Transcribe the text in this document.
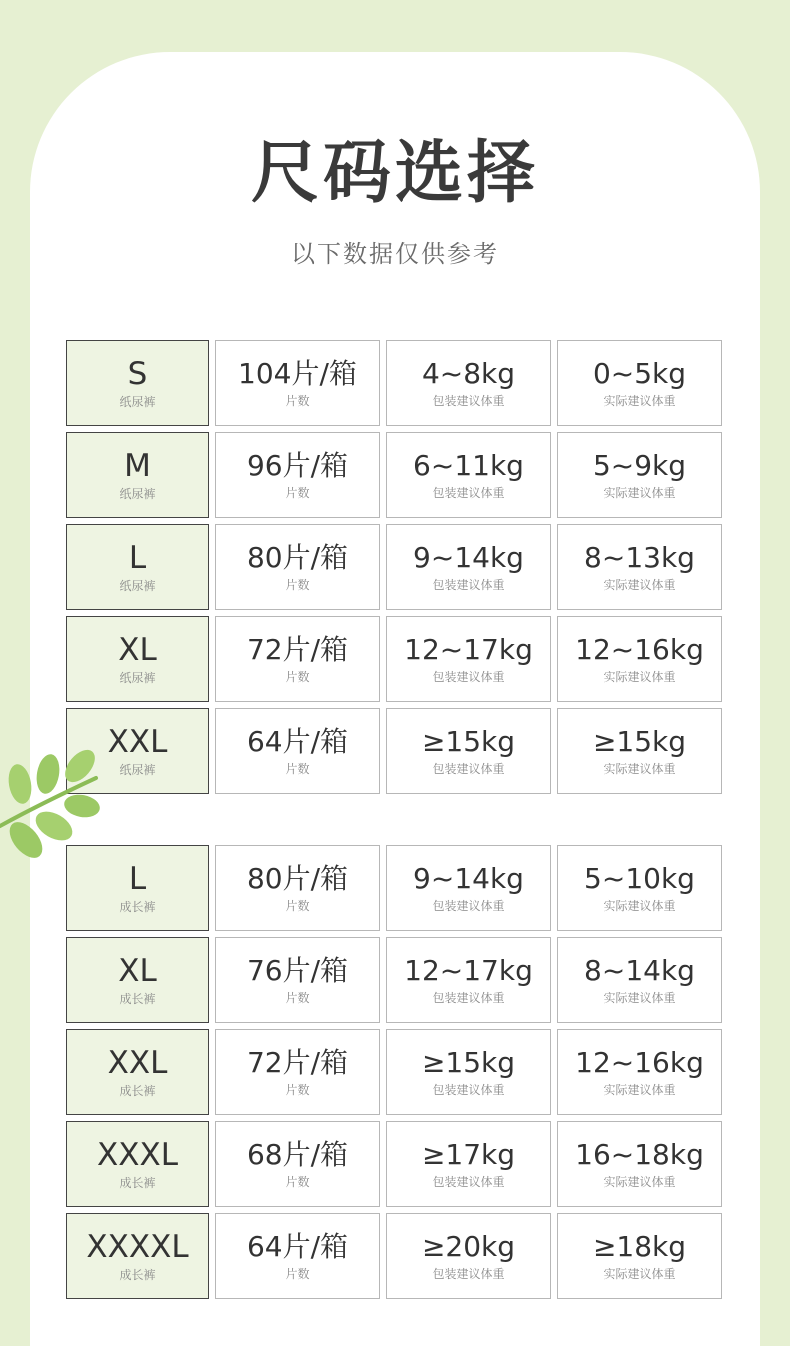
尺码选择
以下数据仅供参考
S
纸尿裤
104片/箱
片数
4~8kg
包装建议体重
0~5kg
实际建议体重
M
纸尿裤
96片/箱
片数
6~11kg
包装建议体重
5~9kg
实际建议体重
L
纸尿裤
80片/箱
片数
9~14kg
包装建议体重
8~13kg
实际建议体重
XL
纸尿裤
72片/箱
片数
12~17kg
包装建议体重
12~16kg
实际建议体重
XXL
纸尿裤
64片/箱
片数
≥15kg
包装建议体重
≥15kg
实际建议体重
L
成长裤
80片/箱
片数
9~14kg
包装建议体重
5~10kg
实际建议体重
XL
成长裤
76片/箱
片数
12~17kg
包装建议体重
8~14kg
实际建议体重
XXL
成长裤
72片/箱
片数
≥15kg
包装建议体重
12~16kg
实际建议体重
XXXL
成长裤
68片/箱
片数
≥17kg
包装建议体重
16~18kg
实际建议体重
XXXXL
成长裤
64片/箱
片数
≥20kg
包装建议体重
≥18kg
实际建议体重
